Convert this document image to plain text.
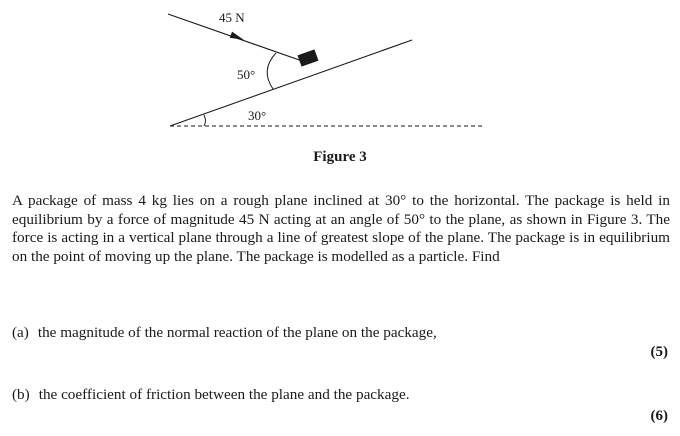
45 N
50°
30°
Figure 3

A package of mass 4 kg lies on a rough plane inclined at 30° to the horizontal. The package is held in equilibrium by a force of magnitude 45 N acting at an angle of 50° to the plane, as shown in Figure 3. The force is acting in a vertical plane through a line of greatest slope of the plane. The package is in equilibrium on the point of moving up the plane. The package is modelled as a particle. Find

(a) the magnitude of the normal reaction of the plane on the package,
(5)
(b) the coefficient of friction between the plane and the package.
(6)
